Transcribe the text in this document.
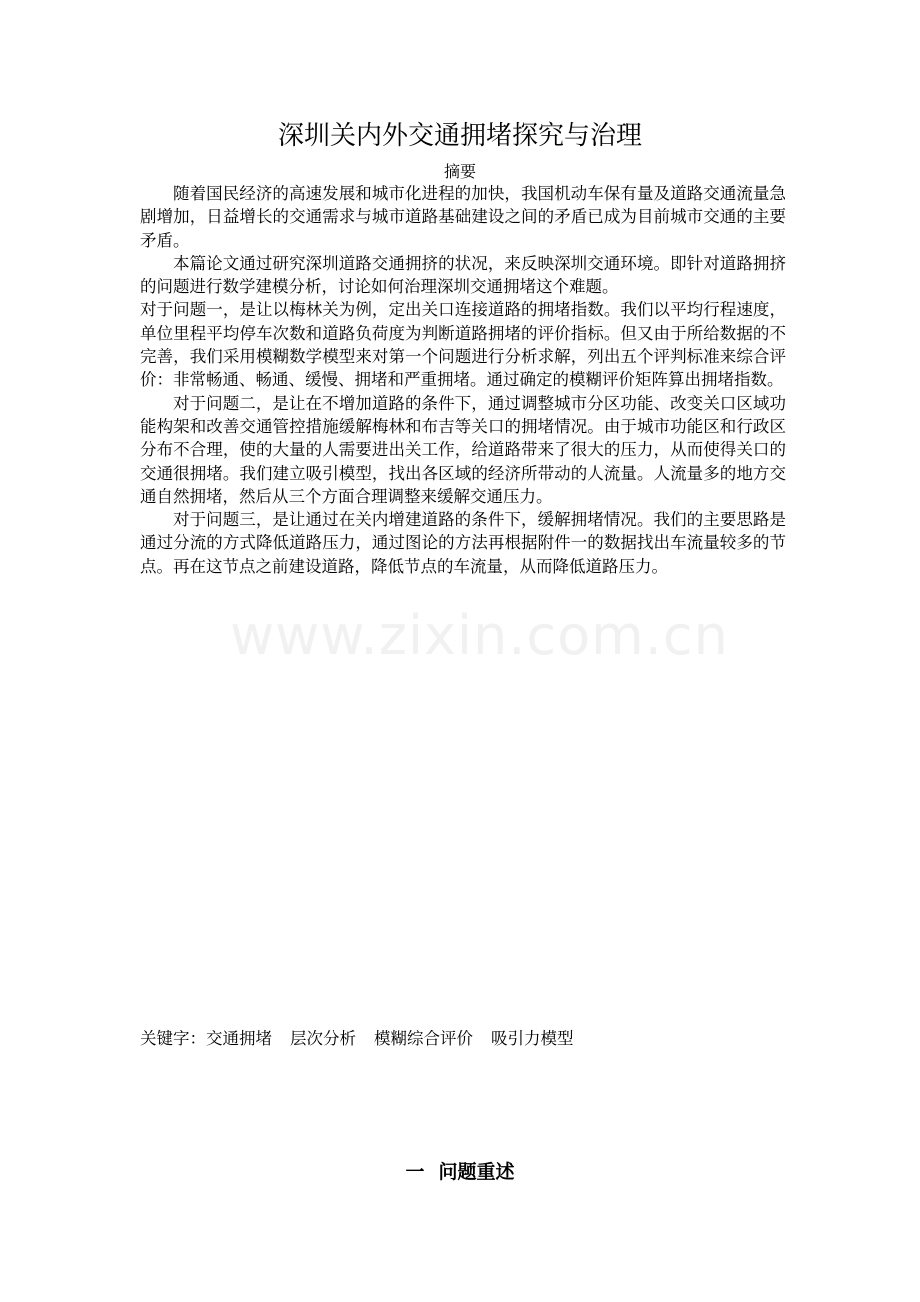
www.zixin.com.cn
深圳关内外交通拥堵探究与治理
摘要

随着国民经济的高速发展和城市化进程的加快，我国机动车保有量及道路交通流量急剧增加，日益增长的交通需求与城市道路基础建设之间的矛盾已成为目前城市交通的主要矛盾。

本篇论文通过研究深圳道路交通拥挤的状况，来反映深圳交通环境。即针对道路拥挤的问题进行数学建模分析，讨论如何治理深圳交通拥堵这个难题。

对于问题一，是让以梅林关为例，定出关口连接道路的拥堵指数。我们以平均行程速度，单位里程平均停车次数和道路负荷度为判断道路拥堵的评价指标。但又由于所给数据的不完善，我们采用模糊数学模型来对第一个问题进行分析求解，列出五个评判标准来综合评价：非常畅通、畅通、缓慢、拥堵和严重拥堵。通过确定的模糊评价矩阵算出拥堵指数。

对于问题二，是让在不增加道路的条件下，通过调整城市分区功能、改变关口区域功能构架和改善交通管控措施缓解梅林和布吉等关口的拥堵情况。由于城市功能区和行政区分布不合理，使的大量的人需要进出关工作，给道路带来了很大的压力，从而使得关口的交通很拥堵。我们建立吸引模型，找出各区域的经济所带动的人流量。人流量多的地方交通自然拥堵，然后从三个方面合理调整来缓解交通压力。

对于问题三，是让通过在关内增建道路的条件下，缓解拥堵情况。我们的主要思路是通过分流的方式降低道路压力，通过图论的方法再根据附件一的数据找出车流量较多的节点。再在这节点之前建设道路，降低节点的车流量，从而降低道路压力。

关键字：交通拥堵 层次分析 模糊综合评价 吸引力模型
一 问题重述
